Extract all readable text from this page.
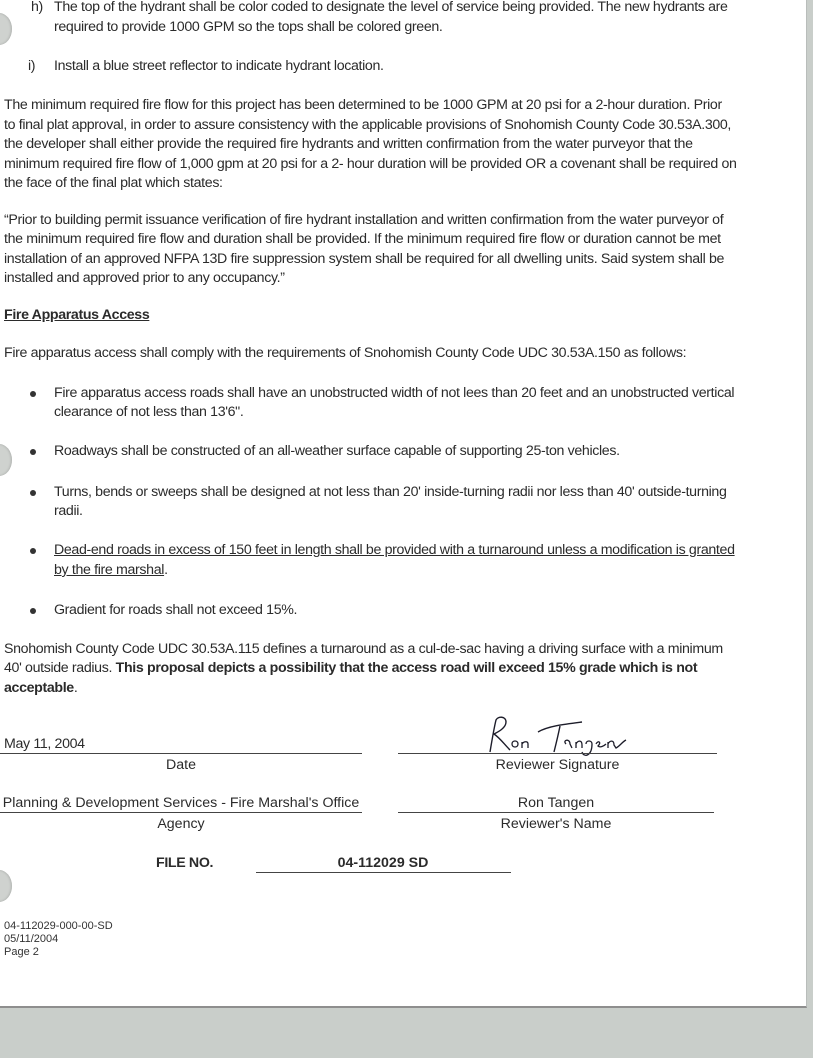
h) The top of the hydrant shall be color coded to designate the level of service being provided. The new hydrants are
required to provide 1000 GPM so the tops shall be colored green.
i) Install a blue street reflector to indicate hydrant location.
The minimum required fire flow for this project has been determined to be 1000 GPM at 20 psi for a 2-hour duration. Prior
to final plat approval, in order to assure consistency with the applicable provisions of Snohomish County Code 30.53A.300,
the developer shall either provide the required fire hydrants and written confirmation from the water purveyor that the
minimum required fire flow of 1,000 gpm at 20 psi for a 2- hour duration will be provided OR a covenant shall be required on
the face of the final plat which states:
“Prior to building permit issuance verification of fire hydrant installation and written confirmation from the water purveyor of
the minimum required fire flow and duration shall be provided. If the minimum required fire flow or duration cannot be met
installation of an approved NFPA 13D fire suppression system shall be required for all dwelling units. Said system shall be
installed and approved prior to any occupancy.”
Fire Apparatus Access
Fire apparatus access shall comply with the requirements of Snohomish County Code UDC 30.53A.150 as follows:
Fire apparatus access roads shall have an unobstructed width of not lees than 20 feet and an unobstructed vertical
clearance of not less than 13'6".
Roadways shall be constructed of an all-weather surface capable of supporting 25-ton vehicles.
Turns, bends or sweeps shall be designed at not less than 20' inside-turning radii nor less than 40' outside-turning
radii.
Dead-end roads in excess of 150 feet in length shall be provided with a turnaround unless a modification is granted
by the fire marshal.
Gradient for roads shall not exceed 15%.
Snohomish County Code UDC 30.53A.115 defines a turnaround as a cul-de-sac having a driving surface with a minimum
40' outside radius. This proposal depicts a possibility that the access road will exceed 15% grade which is not
acceptable.
May 11, 2004
Date	Reviewer Signature
Planning & Development Services - Fire Marshal's Office
Agency
Ron Tangen
Reviewer's Name
FILE NO.	04-112029 SD
04-112029-000-00-SD
05/11/2004
Page 2
